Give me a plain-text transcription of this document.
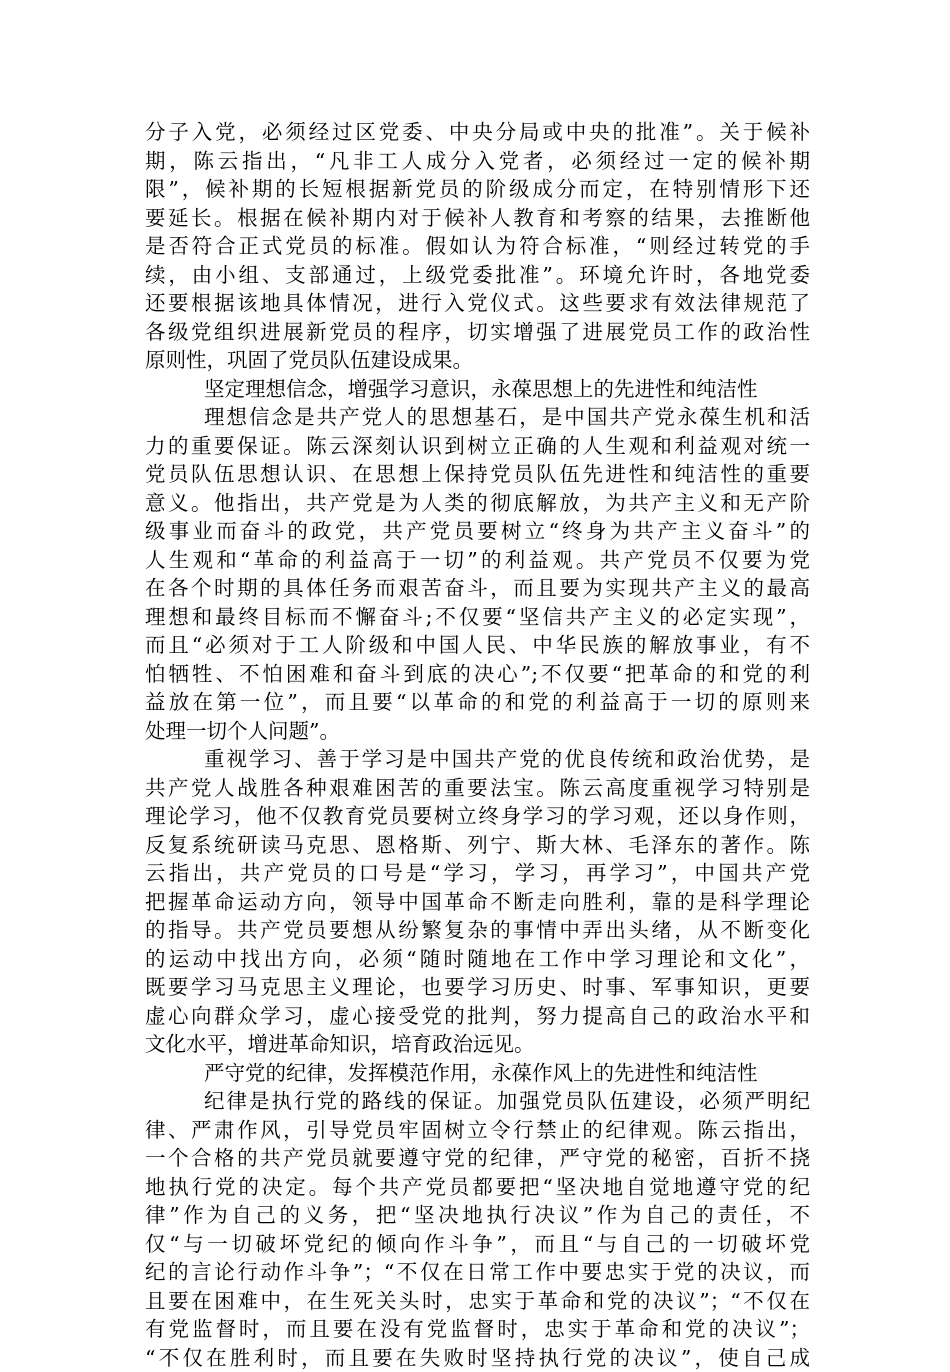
分子入党，必须经过区党委、中央分局或中央的批准”。关于候补
期，陈云指出，“凡非工人成分入党者，必须经过一定的候补期
限”，候补期的长短根据新党员的阶级成分而定，在特别情形下还
要延长。根据在候补期内对于候补人教育和考察的结果，去推断他
是否符合正式党员的标准。假如认为符合标准，“则经过转党的手
续，由小组、支部通过，上级党委批准”。环境允许时，各地党委
还要根据该地具体情况，进行入党仪式。这些要求有效法律规范了
各级党组织进展新党员的程序，切实增强了进展党员工作的政治性
原则性，巩固了党员队伍建设成果。
坚定理想信念，增强学习意识，永葆思想上的先进性和纯洁性
理想信念是共产党人的思想基石，是中国共产党永葆生机和活
力的重要保证。陈云深刻认识到树立正确的人生观和利益观对统一
党员队伍思想认识、在思想上保持党员队伍先进性和纯洁性的重要
意义。他指出，共产党是为人类的彻底解放，为共产主义和无产阶
级事业而奋斗的政党，共产党员要树立“终身为共产主义奋斗”的
人生观和“革命的利益高于一切”的利益观。共产党员不仅要为党
在各个时期的具体任务而艰苦奋斗，而且要为实现共产主义的最高
理想和最终目标而不懈奋斗;不仅要“坚信共产主义的必定实现”，
而且“必须对于工人阶级和中国人民、中华民族的解放事业，有不
怕牺牲、不怕困难和奋斗到底的决心”;不仅要“把革命的和党的利
益放在第一位”，而且要“以革命的和党的利益高于一切的原则来
处理一切个人问题”。
重视学习、善于学习是中国共产党的优良传统和政治优势，是
共产党人战胜各种艰难困苦的重要法宝。陈云高度重视学习特别是
理论学习，他不仅教育党员要树立终身学习的学习观，还以身作则，
反复系统研读马克思、恩格斯、列宁、斯大林、毛泽东的著作。陈
云指出，共产党员的口号是“学习，学习，再学习”，中国共产党
把握革命运动方向，领导中国革命不断走向胜利，靠的是科学理论
的指导。共产党员要想从纷繁复杂的事情中弄出头绪，从不断变化
的运动中找出方向，必须“随时随地在工作中学习理论和文化”，
既要学习马克思主义理论，也要学习历史、时事、军事知识，更要
虚心向群众学习，虚心接受党的批判，努力提高自己的政治水平和
文化水平，增进革命知识，培育政治远见。
严守党的纪律，发挥模范作用，永葆作风上的先进性和纯洁性
纪律是执行党的路线的保证。加强党员队伍建设，必须严明纪
律、严肃作风，引导党员牢固树立令行禁止的纪律观。陈云指出，
一个合格的共产党员就要遵守党的纪律，严守党的秘密，百折不挠
地执行党的决定。每个共产党员都要把“坚决地自觉地遵守党的纪
律”作为自己的义务，把“坚决地执行决议”作为自己的责任，不
仅“与一切破坏党纪的倾向作斗争”，而且“与自己的一切破坏党
纪的言论行动作斗争”；“不仅在日常工作中要忠实于党的决议，而
且要在困难中，在生死关头时，忠实于革命和党的决议”；“不仅在
有党监督时，而且要在没有党监督时，忠实于革命和党的决议”；
“不仅在胜利时，而且要在失败时坚持执行党的决议”，使自己成
